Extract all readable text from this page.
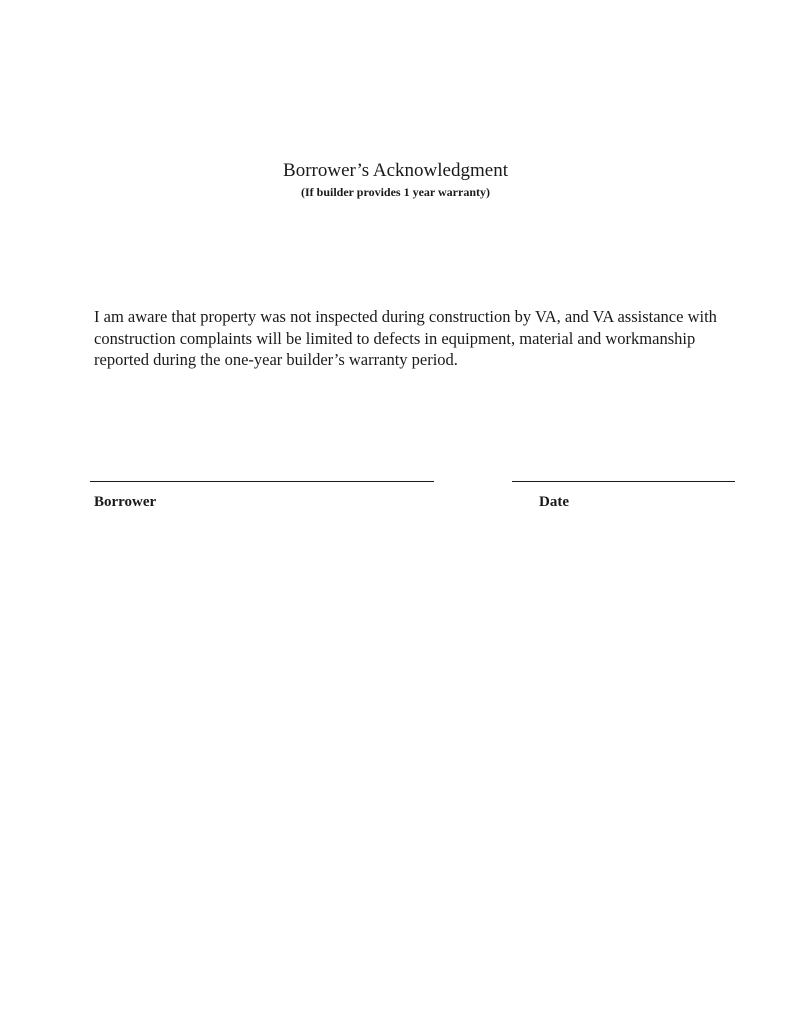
Borrower’s Acknowledgment
(If builder provides 1 year warranty)

I am aware that property was not inspected during construction by VA, and VA assistance with construction complaints will be limited to defects in equipment, material and workmanship reported during the one-year builder’s warranty period.

Borrower	Date
